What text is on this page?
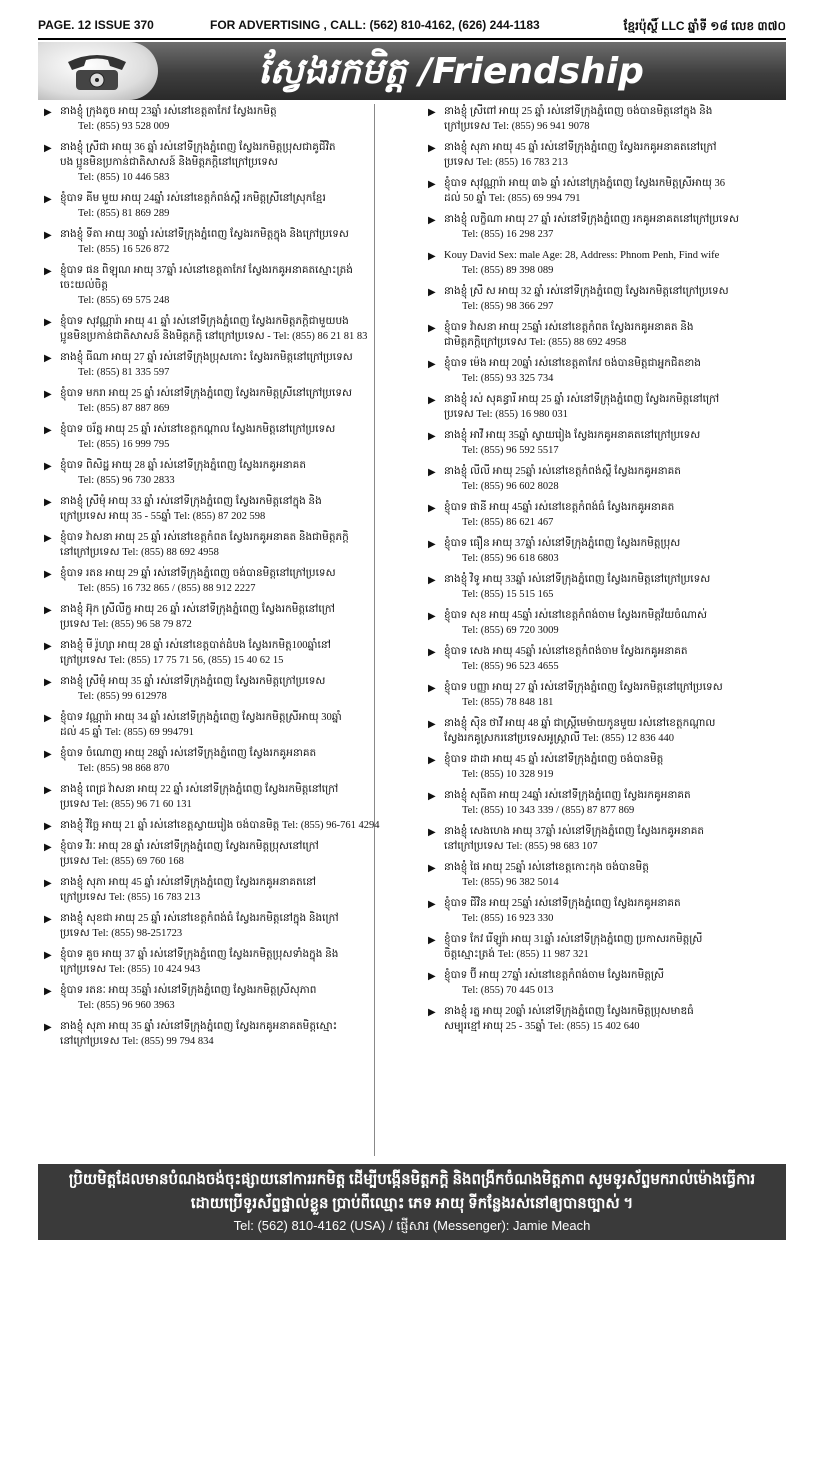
PAGE. 12 ISSUE 370	FOR ADVERTISING , CALL: (562) 810-4162, (626) 244-1183	ខ្មែរប៉ុស្ថិ៍ LLC ឆ្នាំទី ១៨ លេខ ៣៧០
ស្វែងរកមិត្ត /Friendship
▶ នាងខ្ញុំ ក្រុងតូច អាយុ 23ឆ្នាំ រស់នៅខេត្តតាកែវ ស្វែងរកមិត្ត
Tel: (855) 93 528 009
▶ នាងខ្ញុំ ស្រីជា អាយុ 36 ឆ្នាំ រស់នៅទីក្រុងភ្នំពេញ ស្វែងរកមិត្តប្រុសជាគូជីវិត
បង ប្អូនមិនប្រកាន់ជាតិសាសន៍ និងមិត្តភក្តិនៅក្រៅប្រទេស
Tel: (855) 10 446 583
▶ ខ្ញុំបាទ គីម មួយ អាយុ 24ឆ្នាំ រស់នៅខេត្តកំពង់ស្ពឺ រកមិត្តស្រីនៅស្រុកខ្មែរ
Tel: (855) 81 869 289
▶ នាងខ្ញុំ ទីតា អាយុ 30ឆ្នាំ រស់នៅទីក្រុងភ្នំពេញ ស្វែងរកមិត្តក្នុង និងក្រៅប្រទេស
Tel: (855) 16 526 872
▶ ខ្ញុំបាទ ផន ពិឡុណ អាយុ 37ឆ្នាំ រស់នៅខេត្តតាកែវ ស្វែងរកគូអនាគតស្មោះត្រង់
ចេះយល់ចិត្ត
Tel: (855) 69 575 248
▶ ខ្ញុំបាទ សុវណ្ណារ៉ា អាយុ 41 ឆ្នាំ រស់នៅទីក្រុងភ្នំពេញ ស្វែងរកមិត្តភក្តិជាមួយបង
ប្អូនមិនប្រកាន់ជាតិសាសន៍ និងមិត្តភក្តិ នៅក្រៅប្រទេស - Tel: (855) 86 21 81 83
▶ នាងខ្ញុំ ធីណា អាយុ 27 ឆ្នាំ រស់នៅទីក្រុងប្រុសកោះ ស្វែងរកមិត្តនៅក្រៅប្រទេស
Tel: (855) 81 335 597
▶ ខ្ញុំបាទ មករា អាយុ 25 ឆ្នាំ រស់នៅទីក្រុងភ្នំពេញ ស្វែងរកមិត្តស្រីនៅក្រៅប្រទេស
Tel: (855) 87 887 869
▶ ខ្ញុំបាទ ចរ័ត្ន អាយុ 25 ឆ្នាំ រស់នៅខេត្តកណ្តាល ស្វែងរកមិត្តនៅក្រៅប្រទេស
Tel: (855) 16 999 795
▶ ខ្ញុំបាទ ពិសិដ្ឋ អាយុ 28 ឆ្នាំ រស់នៅទីក្រុងភ្នំពេញ ស្វែងរកគូអនាគត
Tel: (855) 96 730 2833
▶ នាងខ្ញុំ ស្រីមុំ អាយុ 33 ឆ្នាំ រស់នៅទីក្រុងភ្នំពេញ ស្វែងរកមិត្តនៅក្នុង និង
ក្រៅប្រទេស អាយុ 35 - 55ឆ្នាំ Tel: (855) 87 202 598
▶ ខ្ញុំបាទ វ៉ាសនា អាយុ 25 ឆ្នាំ រស់នៅខេត្តកំពត ស្វែងរកគូអនាគត និងជាមិត្តភក្តិ
នៅក្រៅប្រទេស Tel: (855) 88 692 4958
▶ ខ្ញុំបាទ រតន អាយុ 29 ឆ្នាំ រស់នៅទីក្រុងភ្នំពេញ ចង់បានមិត្តនៅក្រៅប្រទេស
Tel: (855) 16 732 865 / (855) 88 912 2227
▶ នាងខ្ញុំ អ៊ុក ស្រីលីក្ខ អាយុ 26 ឆ្នាំ រស់នៅទីក្រុងភ្នំពេញ ស្វែងរកមិត្តនៅក្រៅ
ប្រទេស Tel: (855) 96 58 79 872
▶ នាងខ្ញុំ មី រ៉ូហ្សា អាយុ 28 ឆ្នាំ រស់នៅខេត្តបាត់ដំបង ស្វែងរកមិត្ត100ឆ្នាំនៅ
ក្រៅប្រទេស Tel: (855) 17 75 71 56, (855) 15 40 62 15
▶ នាងខ្ញុំ ស្រីមុំ អាយុ 35 ឆ្នាំ រស់នៅទីក្រុងភ្នំពេញ ស្វែងរកមិត្តក្រៅប្រទេស
Tel: (855) 99 612978
▶ ខ្ញុំបាទ វណ្ណារ៉ា អាយុ 34 ឆ្នាំ រស់នៅទីក្រុងភ្នំពេញ ស្វែងរកមិត្តស្រីអាយុ 30ឆ្នាំ
ដល់ 45 ឆ្នាំ Tel: (855) 69 994791
▶ ខ្ញុំបាទ ចំណោញ អាយុ 28ឆ្នាំ រស់នៅទីក្រុងភ្នំពេញ ស្វែងរកគូអនាគត
Tel: (855) 98 868 870
▶ នាងខ្ញុំ ពេជ្រ វ៉ាសនា អាយុ 22 ឆ្នាំ រស់នៅទីក្រុងភ្នំពេញ ស្វែងរកមិត្តនៅក្រៅ
ប្រទេស Tel: (855) 96 71 60 131
▶ នាងខ្ញុំ វិច្ឆៃ អាយុ 21 ឆ្នាំ រស់នៅខេត្តស្វាយរៀង ចង់បានមិត្ត Tel: (855) 96-761 4294
▶ ខ្ញុំបាទ វីរៈ អាយុ 28 ឆ្នាំ រស់នៅទីក្រុងភ្នំពេញ ស្វែងរកមិត្តប្រុសនៅក្រៅ
ប្រទេស Tel: (855) 69 760 168
▶ នាងខ្ញុំ សុភា អាយុ 45 ឆ្នាំ រស់នៅទីក្រុងភ្នំពេញ ស្វែងរកគូអនាគតនៅ
ក្រៅប្រទេស Tel: (855) 16 783 213
▶ នាងខ្ញុំ សុខជា អាយុ 25 ឆ្នាំ រស់នៅខេត្តកំពង់ធំ ស្វែងរកមិត្តនៅក្នុង និងក្រៅ
ប្រទេស Tel: (855) 98-251723
▶ ខ្ញុំបាទ គួច អាយុ 37 ឆ្នាំ រស់នៅទីក្រុងភ្នំពេញ ស្វែងរកមិត្តប្រុសទាំងក្នុង និង
ក្រៅប្រទេស Tel: (855) 10 424 943
▶ ខ្ញុំបាទ រតនៈ អាយុ 35ឆ្នាំ រស់នៅទីក្រុងភ្នំពេញ ស្វែងរកមិត្តស្រីសុភាព
Tel: (855) 96 960 3963
▶ នាងខ្ញុំ សុភា អាយុ 35 ឆ្នាំ រស់នៅទីក្រុងភ្នំពេញ ស្វែងរកគូអនាគតមិត្តស្មោះ
នៅក្រៅប្រទេស Tel: (855) 99 794 834
▶ នាងខ្ញុំ ស្រីពៅ អាយុ 25 ឆ្នាំ រស់នៅទីក្រុងភ្នំពេញ ចង់បានមិត្តនៅក្នុង និង
ក្រៅប្រទេស Tel: (855) 96 941 9078
▶ នាងខ្ញុំ សុភា អាយុ 45 ឆ្នាំ រស់នៅទីក្រុងភ្នំពេញ ស្វែងរកគូអនាគតនៅក្រៅ
ប្រទេស Tel: (855) 16 783 213
▶ ខ្ញុំបាទ សុវណ្ណារ៉ា អាយុ ៣៦ ឆ្នាំ រស់នៅក្រុងភ្នំពេញ ស្វែងរកមិត្តស្រីអាយុ 36
ដល់ 50 ឆ្នាំ Tel: (855) 69 994 791
▶ នាងខ្ញុំ លក្ខិណា អាយុ 27 ឆ្នាំ រស់នៅទីក្រុងភ្នំពេញ រកគូអនាគតនៅក្រៅប្រទេស
Tel: (855) 16 298 237
▶ Kouy David Sex: male Age: 28, Address: Phnom Penh, Find wife
Tel: (855) 89 398 089
▶ នាងខ្ញុំ ស្រី ស អាយុ 32 ឆ្នាំ រស់នៅទីក្រុងភ្នំពេញ ស្វែងរកមិត្តនៅក្រៅប្រទេស
Tel: (855) 98 366 297
▶ ខ្ញុំបាទ វ៉ាសនា អាយុ 25ឆ្នាំ រស់នៅខេត្តកំពត ស្វែងរកគូអនាគត និង
ជាមិត្តភក្តិក្រៅប្រទេស Tel: (855) 88 692 4958
▶ ខ្ញុំបាទ ម៉េង អាយុ 20ឆ្នាំ រស់នៅខេត្តតាកែវ ចង់បានមិត្តជាអ្នកជិតខាង
Tel: (855) 93 325 734
▶ នាងខ្ញុំ រស់ សុគន្ធារី អាយុ 25 ឆ្នាំ រស់នៅទីក្រុងភ្នំពេញ ស្វែងរកមិត្តនៅក្រៅ
ប្រទេស Tel: (855) 16 980 031
▶ នាងខ្ញុំ អាវី អាយុ 35ឆ្នាំ ស្វាយរៀង ស្វែងរកគូអនាគតនៅក្រៅប្រទេស
Tel: (855) 96 592 5517
▶ នាងខ្ញុំ លីលី អាយុ 25ឆ្នាំ រស់នៅខេត្តកំពង់ស្ពឺ ស្វែងរកគូអនាគត
Tel: (855) 96 602 8028
▶ ខ្ញុំបាទ ផានី អាយុ 45ឆ្នាំ រស់នៅខេត្តកំពង់ធំ ស្វែងរកគូអនាគត
Tel: (855) 86 621 467
▶ ខ្ញុំបាទ ធឿន អាយុ 37ឆ្នាំ រស់នៅទីក្រុងភ្នំពេញ ស្វែងរកមិត្តប្រុស
Tel: (855) 96 618 6803
▶ នាងខ្ញុំ វិទូ អាយុ 33ឆ្នាំ រស់នៅទីក្រុងភ្នំពេញ ស្វែងរកមិត្តនៅក្រៅប្រទេស
Tel: (855) 15 515 165
▶ ខ្ញុំបាទ សុខ អាយុ 45ឆ្នាំ រស់នៅខេត្តកំពង់ចាម ស្វែងរកមិត្តវ័យចំណាស់
Tel: (855) 69 720 3009
▶ ខ្ញុំបាទ សេង អាយុ 45ឆ្នាំ រស់នៅខេត្តកំពង់ចាម ស្វែងរកគូអនាគត
Tel: (855) 96 523 4655
▶ ខ្ញុំបាទ បញ្ញា អាយុ 27 ឆ្នាំ រស់នៅទីក្រុងភ្នំពេញ ស្វែងរកមិត្តនៅក្រៅប្រទេស
Tel: (855) 78 848 181
▶ នាងខ្ញុំ ស៊ិន ថាវី អាយុ 48 ឆ្នាំ ជាស្ត្រីមេម៉ាយកូនមួយ រស់នៅខេត្តកណ្តាល
ស្វែងរកគូស្រករនៅប្រទេសអូស្ត្រាលី Tel: (855) 12 836 440
▶ ខ្ញុំបាទ ដាដា អាយុ 45 ឆ្នាំ រស់នៅទីក្រុងភ្នំពេញ ចង់បានមិត្ត
Tel: (855) 10 328 919
▶ នាងខ្ញុំ សុធីតា អាយុ 24ឆ្នាំ រស់នៅទីក្រុងភ្នំពេញ ស្វែងរកគូអនាគត
Tel: (855) 10 343 339 / (855) 87 877 869
▶ នាងខ្ញុំ សេងហេង អាយុ 37ឆ្នាំ រស់នៅទីក្រុងភ្នំពេញ ស្វែងរកគូអនាគត
នៅក្រៅប្រទេស Tel: (855) 98 683 107
▶ នាងខ្ញុំ ផៃ អាយុ 25ឆ្នាំ រស់នៅខេត្តកោះកុង ចង់បានមិត្ត
Tel: (855) 96 382 5014
▶ ខ្ញុំបាទ ជីវិន អាយុ 25ឆ្នាំ រស់នៅទីក្រុងភ្នំពេញ ស្វែងរកគូអនាគត
Tel: (855) 16 923 330
▶ ខ្ញុំបាទ កែវ រើឡូរ៉ា អាយុ 31ឆ្នាំ រស់នៅទីក្រុងភ្នំពេញ ប្រកាសរកមិត្តស្រី
ចិត្តស្មោះត្រង់ Tel: (855) 11 987 321
▶ ខ្ញុំបាទ ប៊ី អាយុ 27ឆ្នាំ រស់នៅខេត្តកំពង់ចាម ស្វែងរកមិត្តស្រី
Tel: (855) 70 445 013
▶ នាងខ្ញុំ រត្ន អាយុ 20ឆ្នាំ រស់នៅទីក្រុងភ្នំពេញ ស្វែងរកមិត្តប្រុសមាឌធំ
សម្បុរខ្មៅ អាយុ 25 - 35ឆ្នាំ Tel: (855) 15 402 640
ប្រិយមិត្តដែលមានបំណងចង់ចុះផ្សាយនៅការរកមិត្ត ដើម្បីបង្កើនមិត្តភក្តិ និងពង្រីកចំណងមិត្តភាព សូមទូរស័ព្ទមករាល់ម៉ោងធ្វើការ
ដោយប្រើទូរស័ព្ទផ្ទាល់ខ្លួន ប្រាប់ពីឈ្មោះ ភេទ អាយុ ទីកន្លែងរស់នៅឲ្យបានច្បាស់ ។
Tel: (562) 810-4162 (USA) / ផ្ញើសារ (Messenger): Jamie Meach
